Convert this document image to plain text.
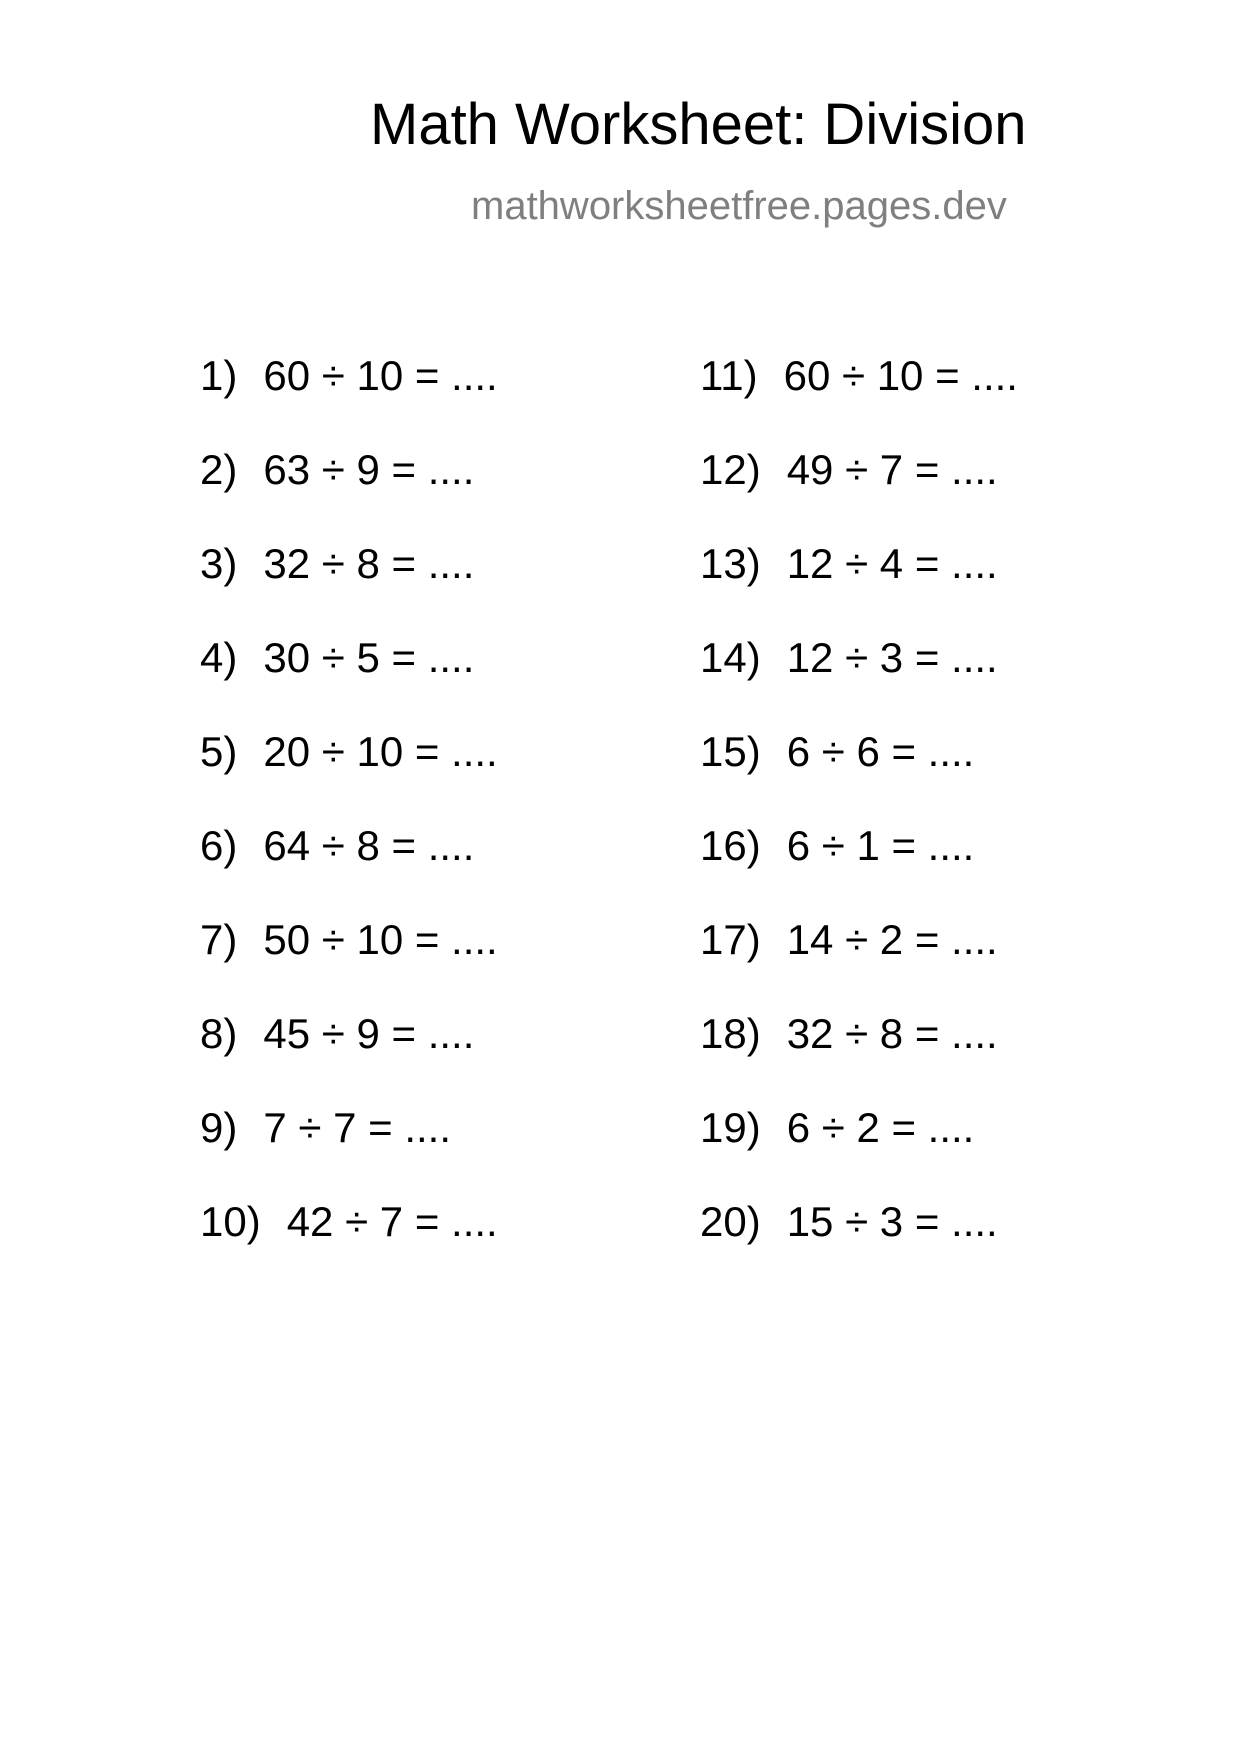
Math Worksheet: Division
mathworksheetfree.pages.dev
1) 60 ÷ 10 = ....
2) 63 ÷ 9 = ....
3) 32 ÷ 8 = ....
4) 30 ÷ 5 = ....
5) 20 ÷ 10 = ....
6) 64 ÷ 8 = ....
7) 50 ÷ 10 = ....
8) 45 ÷ 9 = ....
9) 7 ÷ 7 = ....
10) 42 ÷ 7 = ....
11) 60 ÷ 10 = ....
12) 49 ÷ 7 = ....
13) 12 ÷ 4 = ....
14) 12 ÷ 3 = ....
15) 6 ÷ 6 = ....
16) 6 ÷ 1 = ....
17) 14 ÷ 2 = ....
18) 32 ÷ 8 = ....
19) 6 ÷ 2 = ....
20) 15 ÷ 3 = ....
